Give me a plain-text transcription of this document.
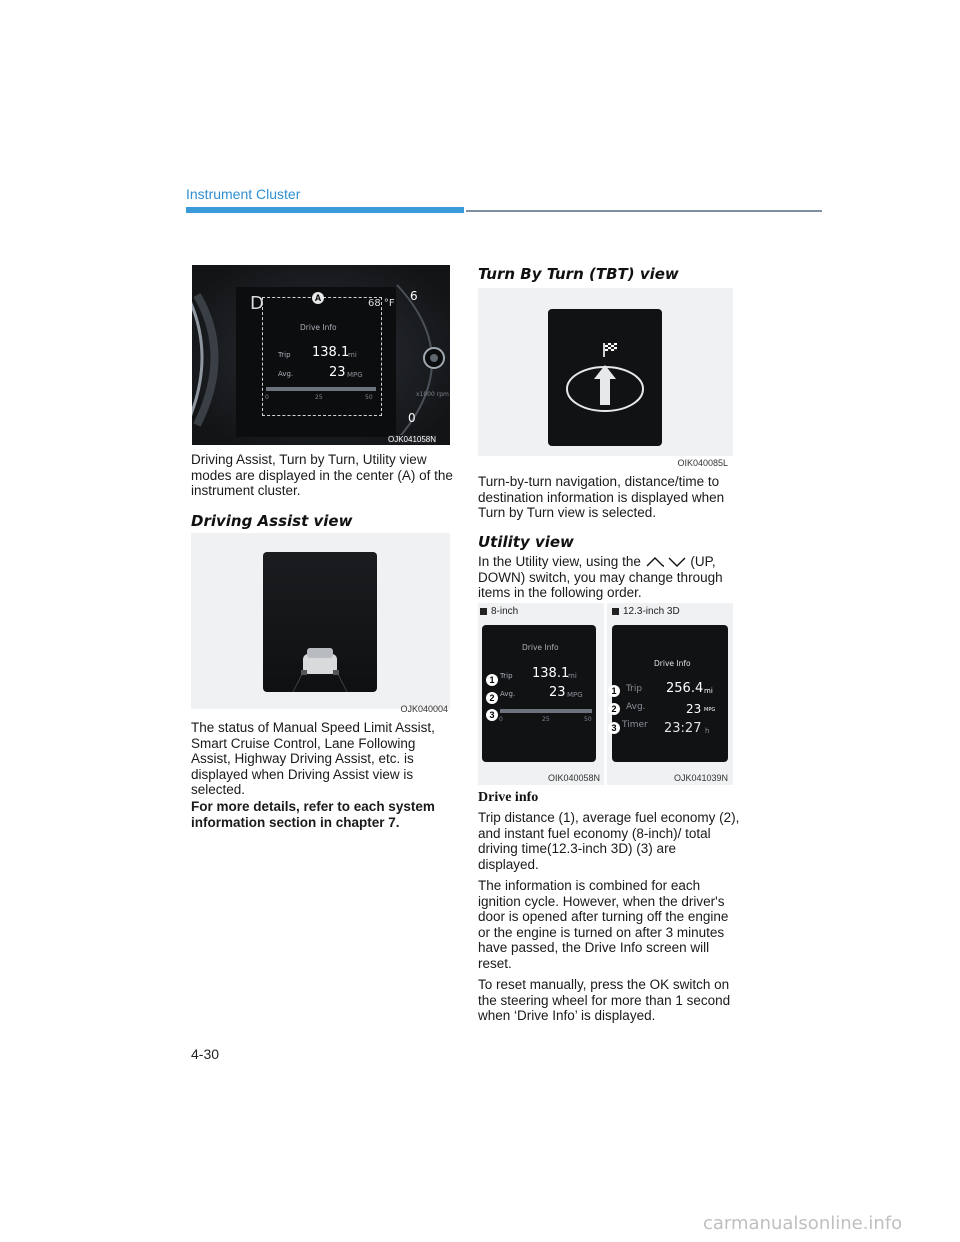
Instrument Cluster
D	A	68 °F
Drive Info
Trip 138.1
mi
Avg.	23 MPG
0	25	50
6
x1000 rpm
0
OJK041058N
Driving Assist, Turn by Turn, Utility view modes are displayed in the center (A) of the instrument cluster.
Driving Assist view
OJK040004
The status of Manual Speed Limit Assist, Smart Cruise Control, Lane Following Assist, Highway Driving Assist, etc. is displayed when Driving Assist view is selected.
For more details, refer to each system information section in chapter 7.
Turn By Turn (TBT) view
OIK040085L
Turn-by-turn navigation, distance/time to destination information is displayed when Turn by Turn view is selected.
Utility view
In the Utility view, using the	(UP, DOWN) switch, you may change through items in the following order.
8-inch	12.3-inch 3D
Drive Info
1 Trip 138.1
mi
2 Avg.	23 MPG
3 0	25	50
OIK040058N
Drive Info
1	Trip 256.4 mi
2	Avg.	23 MPG
3 Timer 23:27 h
OJK041039N
Drive info

Trip distance (1), average fuel economy (2), and instant fuel economy (8-inch)/ total driving time(12.3-inch 3D) (3) are displayed.

The information is combined for each ignition cycle. However, when the driver's door is opened after turning off the engine or the engine is turned on after 3 minutes have passed, the Drive Info screen will reset.

To reset manually, press the OK switch on the steering wheel for more than 1 second when ‘Drive Info’ is displayed.

4-30
carmanualsonline.info
